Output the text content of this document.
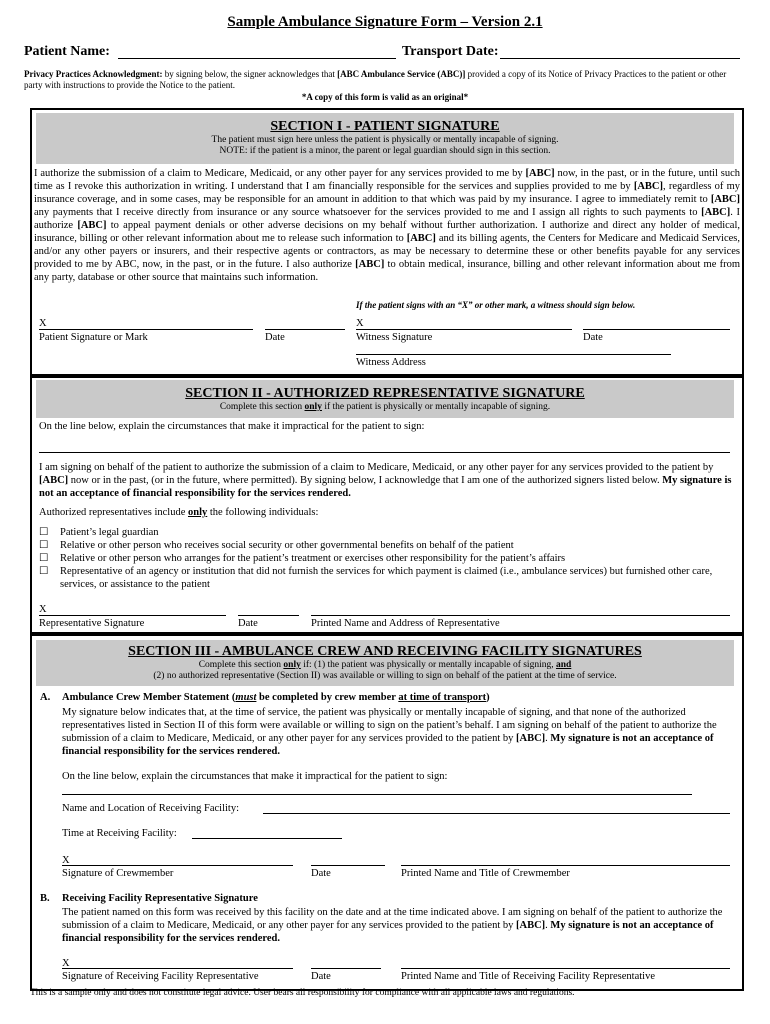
Sample Ambulance Signature Form – Version 2.1
Patient Name:	Transport Date:
Privacy Practices Acknowledgment: by signing below, the signer acknowledges that [ABC Ambulance Service (ABC)] provided a copy of its Notice of Privacy Practices to the patient or other party with instructions to provide the Notice to the patient.
*A copy of this form is valid as an original*
SECTION I - PATIENT SIGNATURE
The patient must sign here unless the patient is physically or mentally incapable of signing.
NOTE: if the patient is a minor, the parent or legal guardian should sign in this section.
I authorize the submission of a claim to Medicare, Medicaid, or any other payer for any services provided to me by [ABC] now, in the past, or in the future, until such time as I revoke this authorization in writing. I understand that I am financially responsible for the services and supplies provided to me by [ABC], regardless of my insurance coverage, and in some cases, may be responsible for an amount in addition to that which was paid by my insurance. I agree to immediately remit to [ABC] any payments that I receive directly from insurance or any source whatsoever for the services provided to me and I assign all rights to such payments to [ABC]. I authorize [ABC] to appeal payment denials or other adverse decisions on my behalf without further authorization. I authorize and direct any holder of medical, insurance, billing or other relevant information about me to release such information to [ABC] and its billing agents, the Centers for Medicare and Medicaid Services, and/or any other payers or insurers, and their respective agents or contractors, as may be necessary to determine these or other benefits payable for any services provided to me by ABC, now, in the past, or in the future. I also authorize [ABC] to obtain medical, insurance, billing and other relevant information about me from any party, database or other source that maintains such information.
If the patient signs with an “X” or other mark, a witness should sign below.
X	X
Patient Signature or Mark	Date	Witness Signature	Date
Witness Address
SECTION II - AUTHORIZED REPRESENTATIVE SIGNATURE
Complete this section only if the patient is physically or mentally incapable of signing.
On the line below, explain the circumstances that make it impractical for the patient to sign:
I am signing on behalf of the patient to authorize the submission of a claim to Medicare, Medicaid, or any other payer for any services provided to the patient by [ABC] now or in the past, (or in the future, where permitted). By signing below, I acknowledge that I am one of the authorized signers listed below. My signature is not an acceptance of financial responsibility for the services rendered.
Authorized representatives include only the following individuals:
☐ Patient’s legal guardian
☐ Relative or other person who receives social security or other governmental benefits on behalf of the patient
☐ Relative or other person who arranges for the patient’s treatment or exercises other responsibility for the patient’s affairs
☐ Representative of an agency or institution that did not furnish the services for which payment is claimed (i.e., ambulance services) but furnished other care, services, or assistance to the patient
X
Representative Signature	Date	Printed Name and Address of Representative
SECTION III - AMBULANCE CREW AND RECEIVING FACILITY SIGNATURES
Complete this section only if: (1) the patient was physically or mentally incapable of signing, and
(2) no authorized representative (Section II) was available or willing to sign on behalf of the patient at the time of service.
A. Ambulance Crew Member Statement (must be completed by crew member at time of transport)
My signature below indicates that, at the time of service, the patient was physically or mentally incapable of signing, and that none of the authorized representatives listed in Section II of this form were available or willing to sign on the patient’s behalf. I am signing on behalf of the patient to authorize the submission of a claim to Medicare, Medicaid, or any other payer for any services provided to the patient by [ABC]. My signature is not an acceptance of financial responsibility for the services rendered.
On the line below, explain the circumstances that make it impractical for the patient to sign:
Name and Location of Receiving Facility:
Time at Receiving Facility:
X
Signature of Crewmember	Date	Printed Name and Title of Crewmember
B. Receiving Facility Representative Signature
The patient named on this form was received by this facility on the date and at the time indicated above. I am signing on behalf of the patient to authorize the submission of a claim to Medicare, Medicaid, or any other payer for any services provided to the patient by [ABC]. My signature is not an acceptance of financial responsibility for the services rendered.
X
Signature of Receiving Facility Representative	Date	Printed Name and Title of Receiving Facility Representative
This is a sample only and does not constitute legal advice. User bears all responsibility for compliance with all applicable laws and regulations.
